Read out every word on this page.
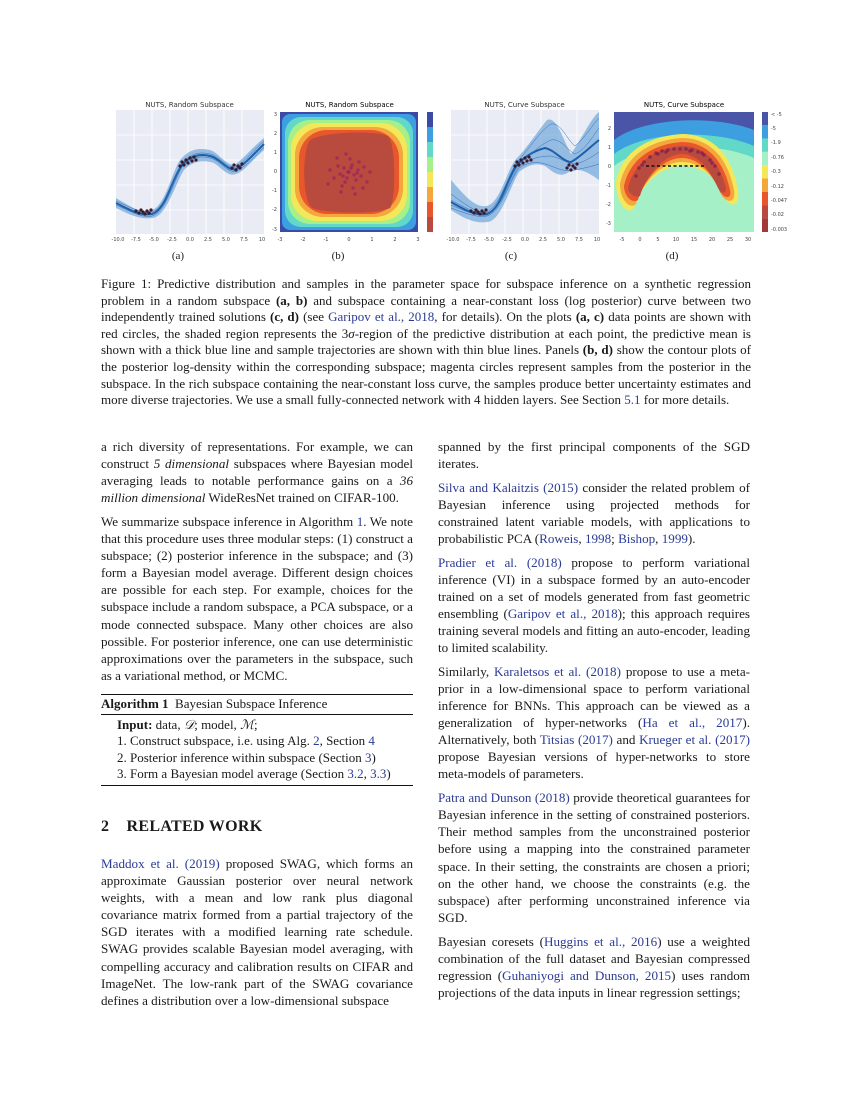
NUTS, Random Subspace
-10.0 -7.5 -5.0 -2.5 0.0 2.5 5.0 7.5 10
NUTS, Random Subspace
3
2
1
0
-1
-2
-3
-3	-2	-1	0	1	2	3
NUTS, Curve Subspace
-10.0 -7.5 -5.0 -2.5 0.0 2.5 5.0 7.5 10
NUTS, Curve Subspace
< -5
-5
-1.9
-0.76
-0.3
-0.12
-0.047
-0.02
-0.003
2
1
0
-1
-2
-3
-5	0	5	10 15 20 25 30
(a)	(b)	(c)	(d)
Figure 1: Predictive distribution and samples in the parameter space for subspace inference on a synthetic regression problem in a random subspace (a, b) and subspace containing a near-constant loss (log posterior) curve between two independently trained solutions (c, d) (see Garipov et al., 2018, for details). On the plots (a, c) data points are shown with red circles, the shaded region represents the 3σ-region of the predictive distribution at each point, the predictive mean is shown with a thick blue line and sample trajectories are shown with thin blue lines. Panels (b, d) show the contour plots of the posterior log-density within the corresponding subspace; magenta circles represent samples from the posterior in the subspace. In the rich subspace containing the near-constant loss curve, the samples produce better uncertainty estimates and more diverse trajectories. We use a small fully-connected network with 4 hidden layers. See Section 5.1 for more details.

a rich diversity of representations. For example, we can construct 5 dimensional subspaces where Bayesian model averaging leads to notable performance gains on a 36 million dimensional WideResNet trained on CIFAR-100.

We summarize subspace inference in Algorithm 1. We note that this procedure uses three modular steps: (1) construct a subspace; (2) posterior inference in the subspace; and (3) form a Bayesian model average. Different design choices are possible for each step. For example, choices for the subspace include a random subspace, a PCA subspace, or a mode connected subspace. Many other choices are also possible. For posterior inference, one can use deterministic approximations over the parameters in the subspace, such as a variational method, or MCMC.

Algorithm 1 Bayesian Subspace Inference
Input: data, 𝒟; model, ℳ;
1. Construct subspace, i.e. using Alg. 2, Section 4
2. Posterior inference within subspace (Section 3)
3. Form a Bayesian model average (Section 3.2, 3.3)
2 RELATED WORK

Maddox et al. (2019) proposed SWAG, which forms an approximate Gaussian posterior over neural network weights, with a mean and low rank plus diagonal covariance matrix formed from a partial trajectory of the SGD iterates with a modified learning rate schedule. SWAG provides scalable Bayesian model averaging, with compelling accuracy and calibration results on CIFAR and ImageNet. The low-rank part of the SWAG covariance defines a distribution over a low-dimensional subspace

spanned by the first principal components of the SGD iterates.

Silva and Kalaitzis (2015) consider the related problem of Bayesian inference using projected methods for constrained latent variable models, with applications to probabilistic PCA (Roweis, 1998; Bishop, 1999).

Pradier et al. (2018) propose to perform variational inference (VI) in a subspace formed by an auto-encoder trained on a set of models generated from fast geometric ensembling (Garipov et al., 2018); this approach requires training several models and fitting an auto-encoder, leading to limited scalability.

Similarly, Karaletsos et al. (2018) propose to use a meta-prior in a low-dimensional space to perform variational inference for BNNs. This approach can be viewed as a generalization of hyper-networks (Ha et al., 2017). Alternatively, both Titsias (2017) and Krueger et al. (2017) propose Bayesian versions of hyper-networks to store meta-models of parameters.

Patra and Dunson (2018) provide theoretical guarantees for Bayesian inference in the setting of constrained posteriors. Their method samples from the unconstrained posterior before using a mapping into the constrained parameter space. In their setting, the constraints are chosen a priori; on the other hand, we choose the constraints (e.g. the subspace) after performing unconstrained inference via SGD.

Bayesian coresets (Huggins et al., 2016) use a weighted combination of the full dataset and Bayesian compressed regression (Guhaniyogi and Dunson, 2015) uses random projections of the data inputs in linear regression settings;
